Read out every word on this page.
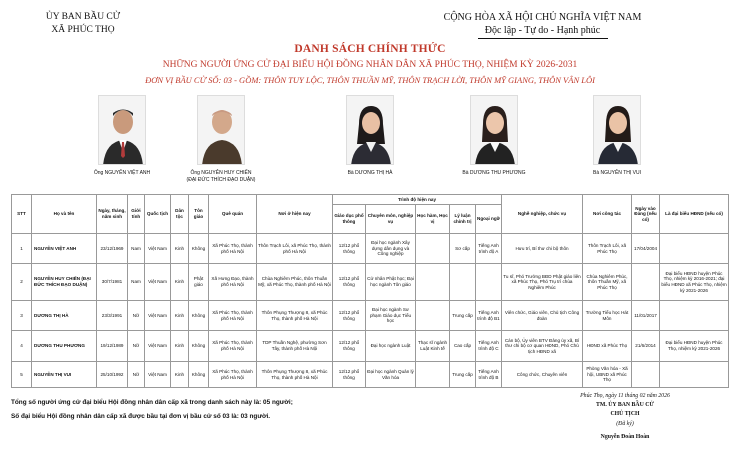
ỦY BAN BẦU CỬ
XÃ PHÚC THỌ
CỘNG HÒA XÃ HỘI CHỦ NGHĨA VIỆT NAM
Độc lập - Tự do - Hạnh phúc
DANH SÁCH CHÍNH THỨC
NHỮNG NGƯỜI ỨNG CỬ ĐẠI BIỂU HỘI ĐỒNG NHÂN DÂN XÃ PHÚC THỌ, NHIỆM KỲ 2026-2031
ĐƠN VỊ BẦU CỬ SỐ: 03 - GỒM: THÔN TUY LỘC, THÔN THUẦN MỸ, THÔN TRẠCH LỜI, THÔN MỸ GIANG, THÔN VÂN LÔI
Ông NGUYỄN VIỆT ANH	Ông NGUYỄN HUY CHIẾN
(ĐẠI ĐỨC THÍCH ĐẠO DUẬN)
Bà DƯƠNG THỊ HÀ	Bà DƯƠNG THU PHƯƠNG	Bà NGUYỄN THỊ VUI
STT	Họ và tên	Ngày, tháng, năm sinh	Giới tính	Quốc tịch	Dân tộc	Tôn giáo	Quê quán	Nơi ở hiện nay	Trình độ hiện nay					Nghề nghiệp, chức vụ	Nơi công tác	Ngày vào Đảng (nếu có)	Là đại biểu HĐND (nếu có)
									Giáo dục phổ thông	Chuyên môn, nghiệp vụ	Học hàm, Học vị	Lý luận chính trị	Ngoại ngữ				
1	NGUYỄN VIỆT ANH	23/12/1969	Nam	Việt Nam	Kinh	Không	Xã Phúc Thọ, thành phố Hà Nội	Thôn Trạch Lôi, xã Phúc Thọ, thành phố Hà Nội	12/12 phổ thông	Đại học ngành Xây dựng dân dụng và Công nghiệp		Sơ cấp	Tiếng Anh trình độ A	Hưu trí, Bí thư chi bộ thôn	Thôn Trạch Lôi, xã Phúc Thọ	17/04/2004	
2	NGUYỄN HUY CHIẾN (ĐẠI ĐỨC THÍCH ĐẠO DUẬN)	30/7/1981	Nam	Việt Nam	Kinh	Phật giáo	Xã Hưng Đạo, thành phố Hà Nội	Chùa Nghiêm Phúc, thôn Thuần Mỹ, xã Phúc Thọ, thành phố Hà Nội	12/12 phổ thông	Cử nhân Phật học; Đại học ngành Tôn giáo				Tu sĩ, Phó Trưởng BĐD Phật giáo liên xã Phúc Thọ, Phó Trụ trì chùa Nghiêm Phúc	Chùa Nghiêm Phúc, thôn Thuần Mỹ, xã Phúc Thọ		Đại biểu HĐND huyện Phúc Thọ, nhiệm kỳ 2016-2021; đại biểu HĐND xã Phúc Thọ, nhiệm kỳ 2021-2026
3	DƯƠNG THỊ HÀ	23/3/1991	Nữ	Việt Nam	Kinh	Không	Xã Phúc Thọ, thành phố Hà Nội	Thôn Phụng Thượng 8, xã Phúc Thọ, thành phố Hà Nội	12/12 phổ thông	Đại học ngành Sư phạm Giáo dục Tiểu học		Trung cấp	Tiếng Anh trình độ B1	Viên chức, Giáo viên, Chủ tịch Công đoàn	Trường Tiểu học Hát Môn	11/01/2017	
4	DƯƠNG THU PHƯƠNG	19/12/1989	Nữ	Việt Nam	Kinh	Không	Xã Phúc Thọ, thành phố Hà Nội	TDP Thuần Nghệ, phường Sơn Tây, thành phố Hà Nội	12/12 phổ thông	Đại học ngành Luật	Thạc sĩ ngành Luật Kinh tế	Cao cấp	Tiếng Anh trình độ C	Cán bộ, Ủy viên BTV Đảng ủy xã, Bí thư chi bộ cơ quan HĐND, Phó Chủ tịch HĐND xã	HĐND xã Phúc Thọ	21/6/2014	Đại biểu HĐND huyện Phúc Thọ, nhiệm kỳ 2021-2026
5	NGUYỄN THỊ VUI	25/10/1992	Nữ	Việt Nam	Kinh	Không	Xã Phúc Thọ, thành phố Hà Nội	Thôn Phụng Thượng 8, xã Phúc Thọ, thành phố Hà Nội	12/12 phổ thông	Đại học ngành Quản lý Văn hóa		Trung cấp	Tiếng Anh trình độ B	Công chức, Chuyên viên	Phòng Văn hóa - Xã hội, UBND xã Phúc Thọ		
Tổng số người ứng cử đại biểu Hội đồng nhân dân cấp xã trong danh sách này là: 05 người;
Số đại biểu Hội đồng nhân dân cấp xã được bầu tại đơn vị bầu cử số 03 là: 03 người.
Phúc Thọ, ngày 11 tháng 02 năm 2026
TM. ỦY BAN BẦU CỬ
CHỦ TỊCH
(Đã ký)
Nguyễn Đoàn Hoàn
